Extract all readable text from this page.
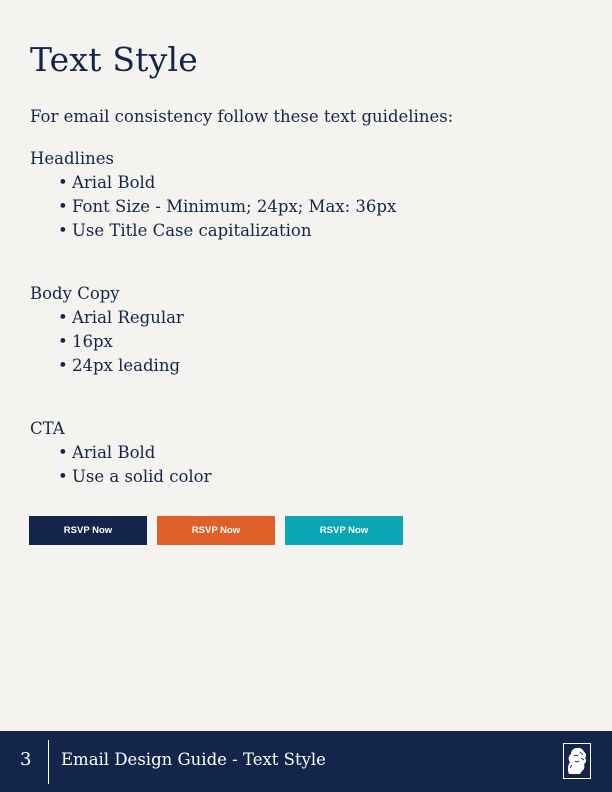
Text Style

For email consistency follow these text guidelines:

Headlines

• Arial Bold
• Font Size - Minimum; 24px; Max: 36px
• Use Title Case capitalization

Body Copy

• Arial Regular
• 16px
• 24px leading

CTA

• Arial Bold
• Use a solid color
RSVP Now	RSVP Now	RSVP Now
3 Email Design Guide - Text Style
